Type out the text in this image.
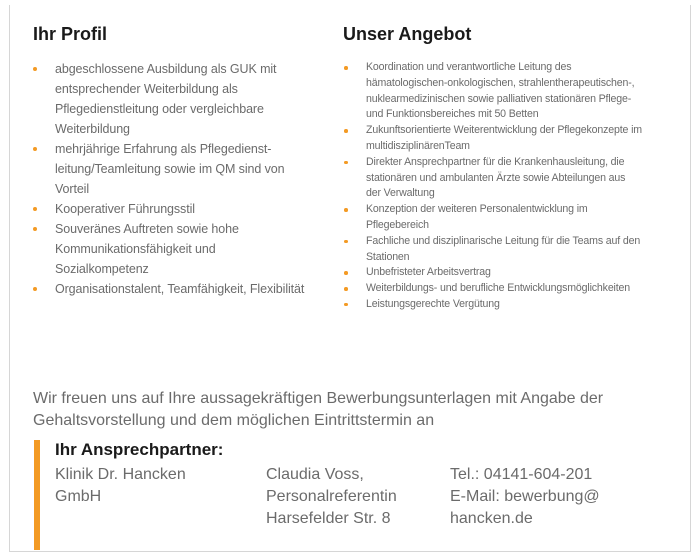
Ihr Profil
abgeschlossene Ausbildung als GUK mit
entsprechender Weiterbildung als
Pflegedienstleitung oder vergleichbare
Weiterbildung
mehrjährige Erfahrung als Pflegedienst-
leitung/Teamleitung sowie im QM sind von
Vorteil
Kooperativer Führungsstil
Souveränes Auftreten sowie hohe
Kommunikationsfähigkeit und
Sozialkompetenz
Organisationstalent, Teamfähigkeit, Flexibilität
Unser Angebot
Koordination und verantwortliche Leitung des
hämatologischen-onkologischen, strahlentherapeutischen-,
nuklearmedizinischen sowie palliativen stationären Pflege-
und Funktionsbereiches mit 50 Betten
Zukunftsorientierte Weiterentwicklung der Pflegekonzepte im
multidisziplinärenTeam
Direkter Ansprechpartner für die Krankenhausleitung, die
stationären und ambulanten Ärzte sowie Abteilungen aus
der Verwaltung
Konzeption der weiteren Personalentwicklung im
Pflegebereich
Fachliche und disziplinarische Leitung für die Teams auf den
Stationen
Unbefristeter Arbeitsvertrag
Weiterbildungs- und berufliche Entwicklungsmöglichkeiten
Leistungsgerechte Vergütung
Wir freuen uns auf Ihre aussagekräftigen Bewerbungsunterlagen mit Angabe der
Gehaltsvorstellung und dem möglichen Eintrittstermin an
Ihr Ansprechpartner:
Klinik Dr. Hancken
GmbH
Claudia Voss,
Personalreferentin
Harsefelder Str. 8
Tel.: 04141-604-201
E-Mail: bewerbung@
hancken.de
